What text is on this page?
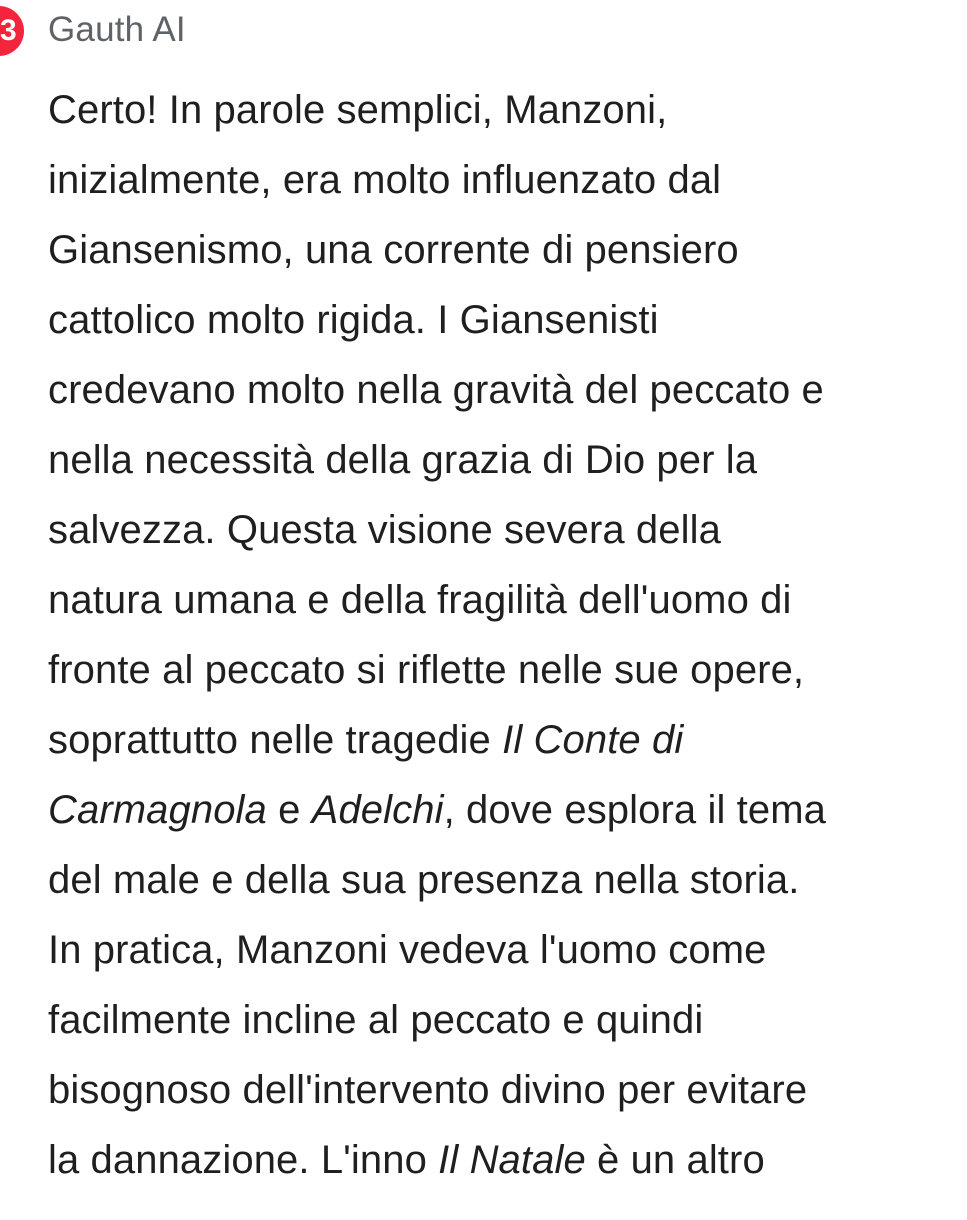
3 Gauth AI
Certo! In parole semplici, Manzoni,
inizialmente, era molto influenzato dal
Giansenismo, una corrente di pensiero
cattolico molto rigida. I Giansenisti
credevano molto nella gravità del peccato e
nella necessità della grazia di Dio per la
salvezza. Questa visione severa della
natura umana e della fragilità dell'uomo di
fronte al peccato si riflette nelle sue opere,
soprattutto nelle tragedie Il Conte di
Carmagnola e Adelchi, dove esplora il tema
del male e della sua presenza nella storia.
In pratica, Manzoni vedeva l'uomo come
facilmente incline al peccato e quindi
bisognoso dell'intervento divino per evitare
la dannazione. L'inno Il Natale è un altro
